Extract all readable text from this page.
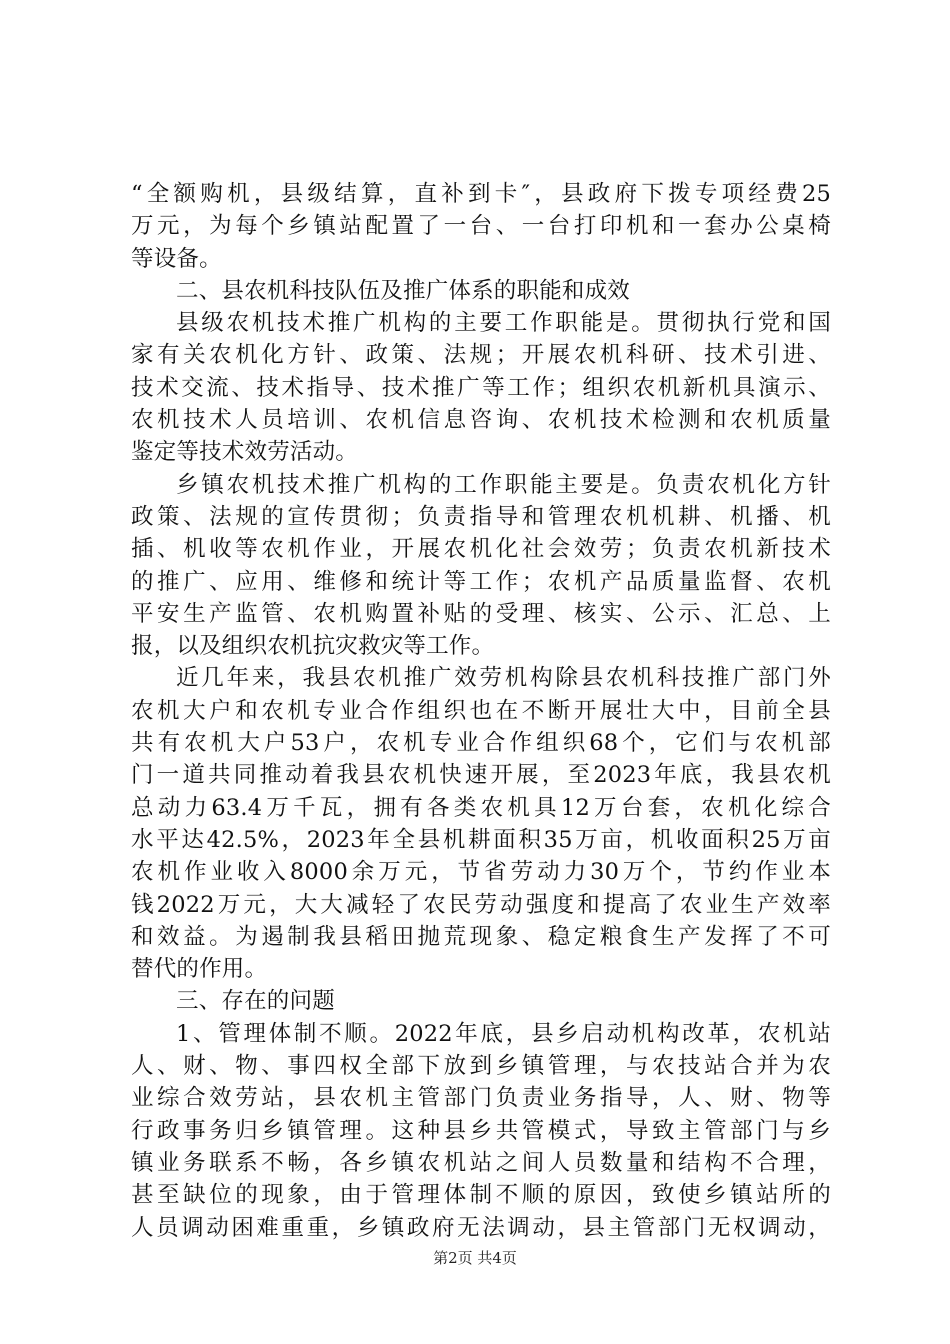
“全额购机，县级结算，直补到卡″，县政府下拨专项经费25
万元，为每个乡镇站配置了一台、一台打印机和一套办公桌椅
等设备。
二、县农机科技队伍及推广体系的职能和成效
县级农机技术推广机构的主要工作职能是。贯彻执行党和国
家有关农机化方针、政策、法规；开展农机科研、技术引进、
技术交流、技术指导、技术推广等工作；组织农机新机具演示、
农机技术人员培训、农机信息咨询、农机技术检测和农机质量
鉴定等技术效劳活动。
乡镇农机技术推广机构的工作职能主要是。负责农机化方针
政策、法规的宣传贯彻；负责指导和管理农机机耕、机播、机
插、机收等农机作业，开展农机化社会效劳；负责农机新技术
的推广、应用、维修和统计等工作；农机产品质量监督、农机
平安生产监管、农机购置补贴的受理、核实、公示、汇总、上
报，以及组织农机抗灾救灾等工作。
近几年来，我县农机推广效劳机构除县农机科技推广部门外
农机大户和农机专业合作组织也在不断开展壮大中，目前全县
共有农机大户53户，农机专业合作组织68个，它们与农机部
门一道共同推动着我县农机快速开展，至2023年底，我县农机
总动力63.4万千瓦，拥有各类农机具12万台套，农机化综合
水平达42.5%，2023年全县机耕面积35万亩，机收面积25万亩
农机作业收入8000余万元，节省劳动力30万个，节约作业本
钱2022万元，大大减轻了农民劳动强度和提高了农业生产效率
和效益。为遏制我县稻田抛荒现象、稳定粮食生产发挥了不可
替代的作用。
三、存在的问题
1、管理体制不顺。2022年底，县乡启动机构改革，农机站
人、财、物、事四权全部下放到乡镇管理，与农技站合并为农
业综合效劳站，县农机主管部门负责业务指导，人、财、物等
行政事务归乡镇管理。这种县乡共管模式，导致主管部门与乡
镇业务联系不畅，各乡镇农机站之间人员数量和结构不合理，
甚至缺位的现象，由于管理体制不顺的原因，致使乡镇站所的
人员调动困难重重，乡镇政府无法调动，县主管部门无权调动，
第2页 共4页
